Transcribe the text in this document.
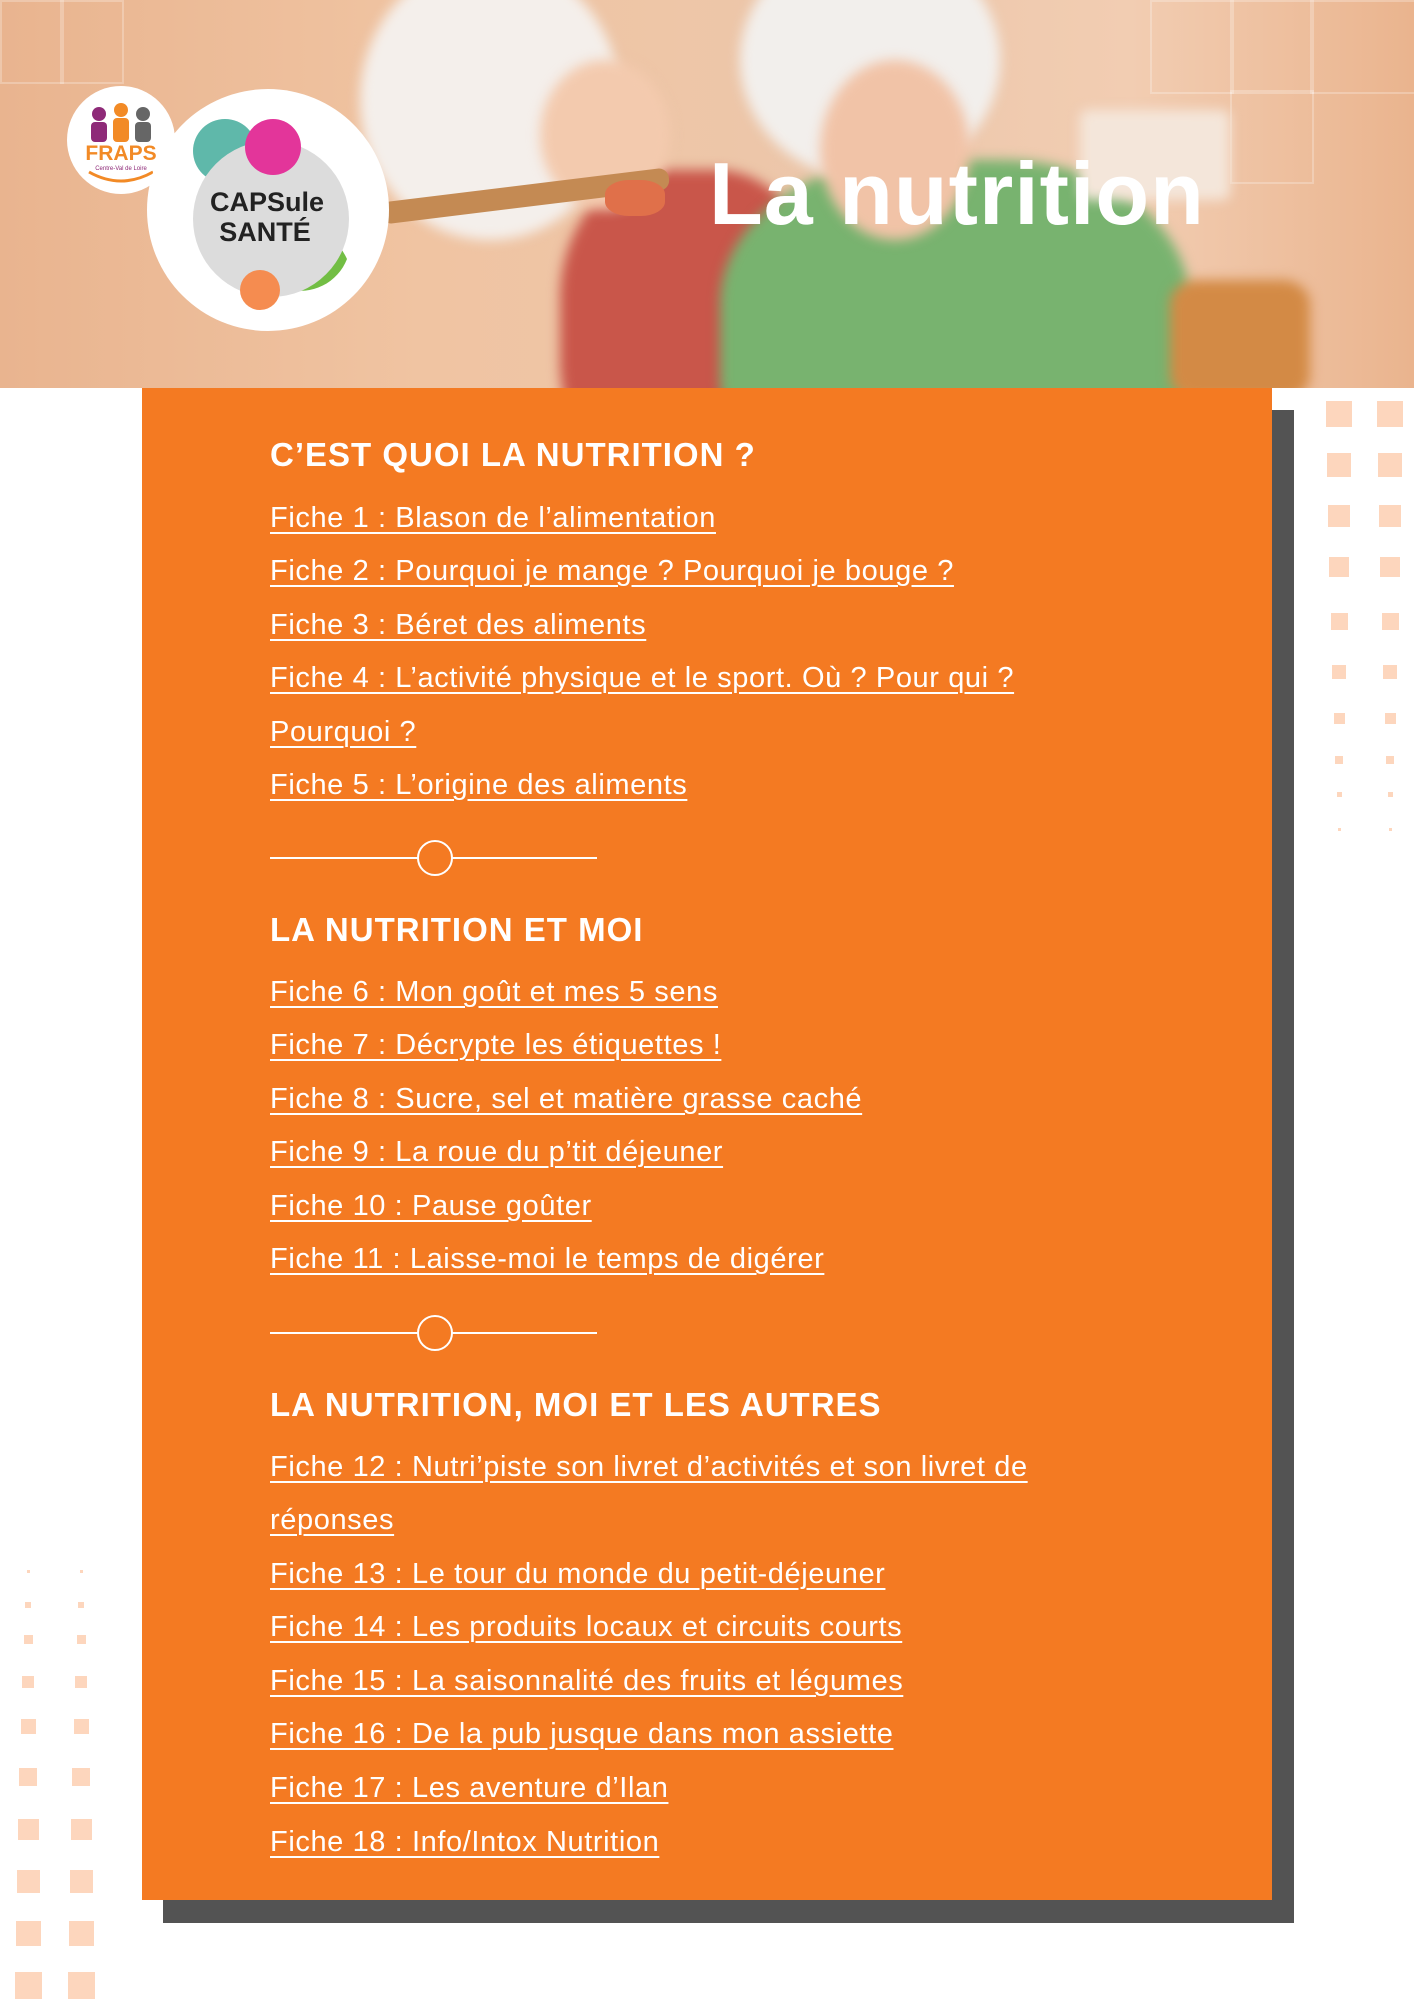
FRAPS
Centre-Val de Loire
CAPSule
SANTÉ	La nutrition
C’EST QUOI LA NUTRITION ?
Fiche 1 : Blason de l’alimentation
Fiche 2 : Pourquoi je mange ? Pourquoi je bouge ?
Fiche 3 : Béret des aliments
Fiche 4 : L’activité physique et le sport. Où ? Pour qui ?
Pourquoi ?
Fiche 5 : L’origine des aliments
LA NUTRITION ET MOI
Fiche 6 : Mon goût et mes 5 sens
Fiche 7 : Décrypte les étiquettes !
Fiche 8 : Sucre, sel et matière grasse caché
Fiche 9 : La roue du p’tit déjeuner
Fiche 10 : Pause goûter
Fiche 11 : Laisse-moi le temps de digérer
LA NUTRITION, MOI ET LES AUTRES
Fiche 12 : Nutri’piste son livret d’activités et son livret de
réponses
Fiche 13 : Le tour du monde du petit-déjeuner
Fiche 14 : Les produits locaux et circuits courts
Fiche 15 : La saisonnalité des fruits et légumes
Fiche 16 : De la pub jusque dans mon assiette
Fiche 17 : Les aventure d’Ilan
Fiche 18 : Info/Intox Nutrition
